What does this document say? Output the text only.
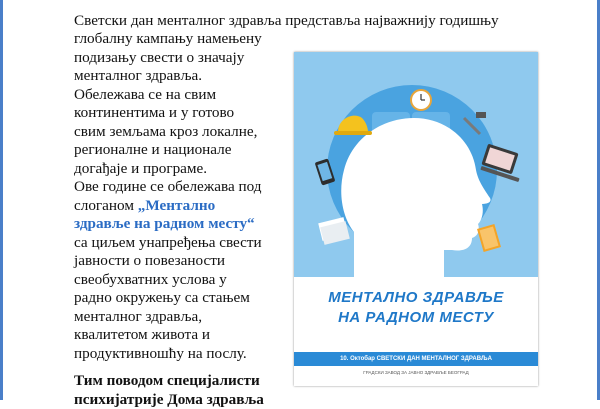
Светски дан менталног здравља представља најважнију годишњу

глобалну кампању намењену

подизању свести о значају

менталног здравља.

Обележава се на свим

континентима и у готово

свим земљама кроз локалне,

регионалне и национале

догађаје и програме.

Ове године се обележава под

слоганом „Ментално

здравље на радном месту“

са циљем унапређења свести

јавности о повезаности

свеобухватних услова у

радно окружењу са стањем

менталног здравља,

квалитетом живота и

продуктивношћу на послу.

Тим поводом специјалисти
психијатрије Дома здравља
МЕНТАЛНО ЗДРАВЉЕ
НА РАДНОМ МЕСТУ
10. Октобар СВЕТСКИ ДАН МЕНТАЛНОГ ЗДРАВЉА
ГРАДСКИ ЗАВОД ЗА ЈАВНО ЗДРАВЉЕ БЕОГРАД
